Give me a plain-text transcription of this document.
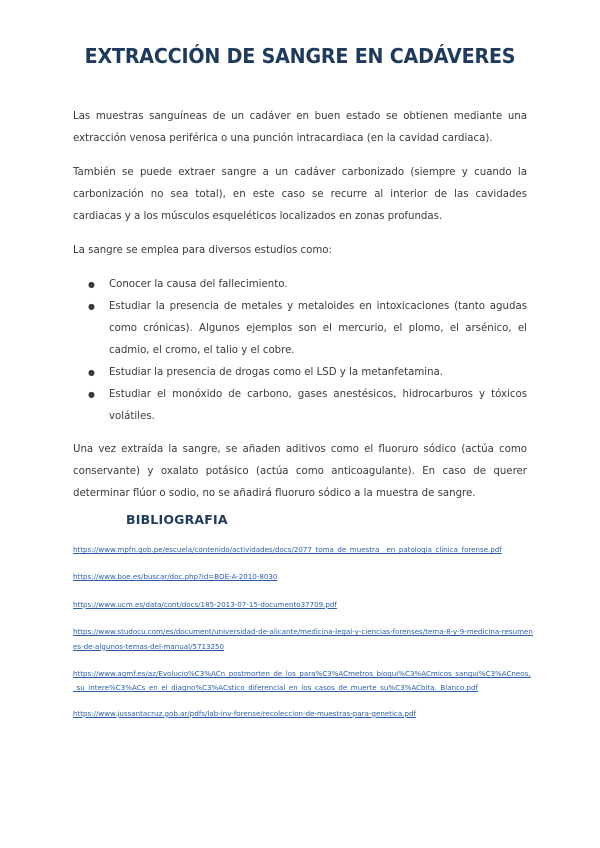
EXTRACCIÓN DE SANGRE EN CADÁVERES

Las muestras sanguíneas de un cadáver en buen estado se obtienen mediante una extracción venosa periférica o una punción intracardiaca (en la cavidad cardiaca).

También se puede extraer sangre a un cadáver carbonizado (siempre y cuando la carbonización no sea total), en este caso se recurre al interior de las cavidades cardiacas y a los músculos esqueléticos localizados en zonas profundas.

La sangre se emplea para diversos estudios como:

● Conocer la causa del fallecimiento.
● Estudiar la presencia de metales y metaloides en intoxicaciones (tanto agudas como crónicas). Algunos ejemplos son el mercurio, el plomo, el arsénico, el cadmio, el cromo, el talio y el cobre.
● Estudiar la presencia de drogas como el LSD y la metanfetamina.
● Estudiar el monóxido de carbono, gases anestésicos, hidrocarburos y tóxicos volátiles.

Una vez extraída la sangre, se añaden aditivos como el fluoruro sódico (actúa como conservante) y oxalato potásico (actúa como anticoagulante). En caso de querer determinar flúor o sodio, no se añadirá fluoruro sódico a la muestra de sangre.

BIBLIOGRAFIA
https://www.mpfn.gob.pe/escuela/contenido/actividades/docs/2077_toma_de_muestra__en_patologia_clinica_forense.pdf
https://www.boe.es/buscar/doc.php?id=BOE-A-2010-8030
https://www.ucm.es/data/cont/docs/185-2013-07-15-documento37709.pdf
https://www.studocu.com/es/document/universidad-de-alicante/medicina-legal-y-ciencias-forenses/tema-8-y-9-medicina-resumenes-de-algunos-temas-del-manual/5713250
https://www.agmf.es/az/Evolucio%C3%ACn_postmorten_de_los_para%C3%ACmetros_bioqui%C3%ACmicos_sangui%C3%ACneos,_su_intere%C3%ACs_en_el_diagno%C3%ACstico_diferencial_en_los_casos_de_muerte_su%C3%ACbita._Blanco.pdf
https://www.jussantacruz.gob.ar/pdfs/lab-inv-forense/recoleccion-de-muestras-para-genetica.pdf
